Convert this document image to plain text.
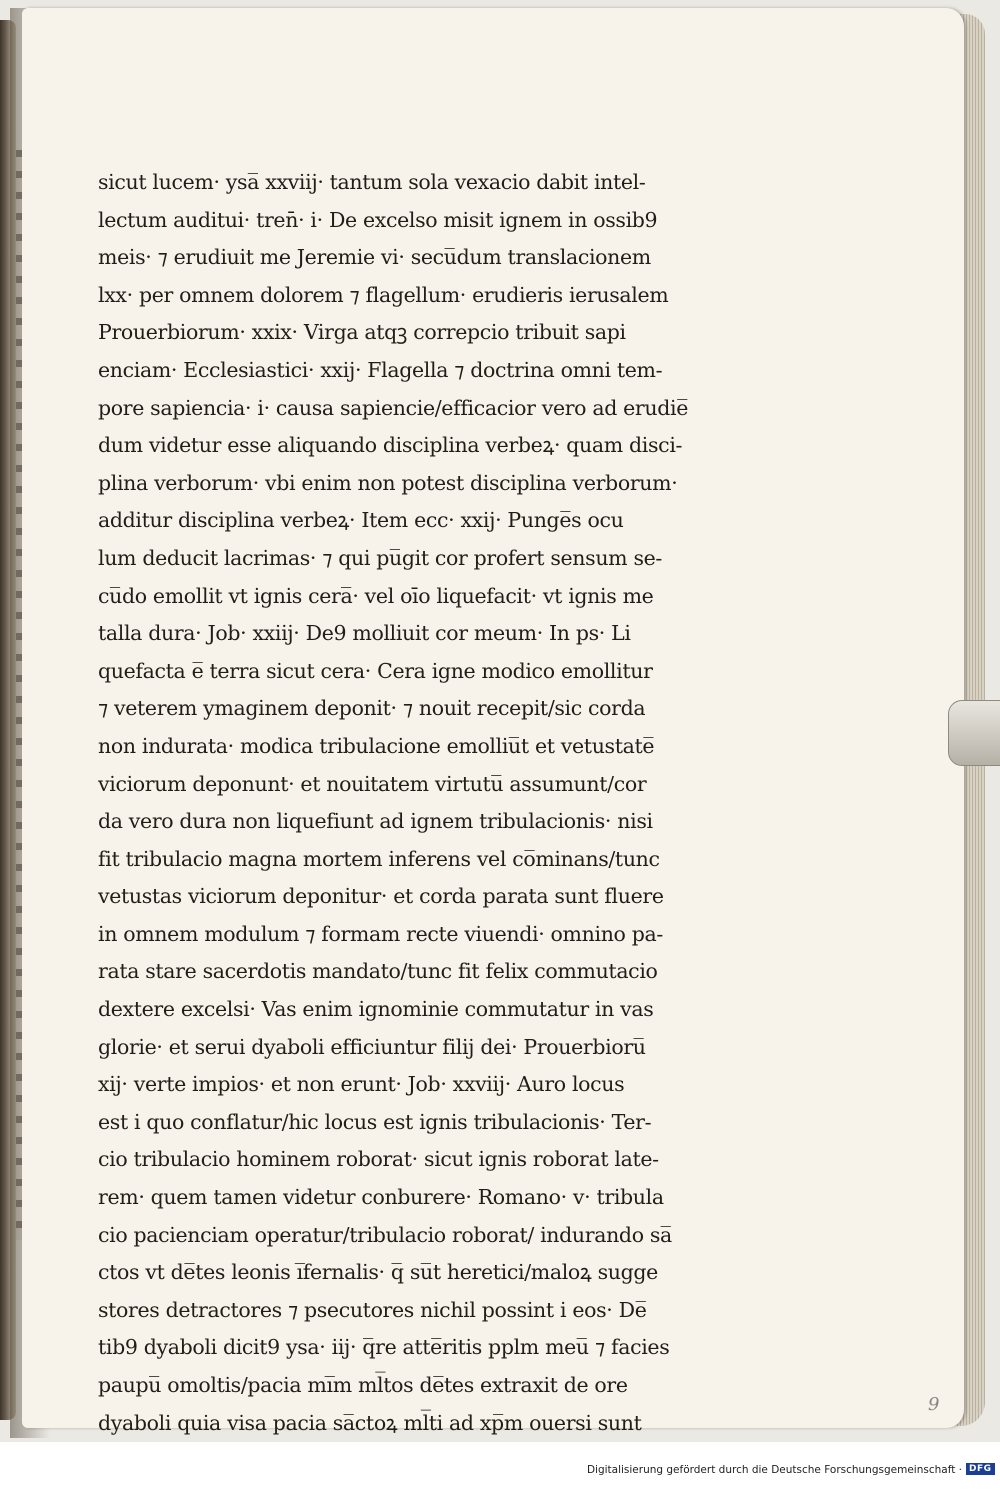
sicut lucem· ysa̅ xxviij· tantum sola vexacio dabit intel-
lectum auditui· tren̄· i· De excelso misit ignem in ossib9
meis· ⁊ erudiuit me Jeremie vi· secu̅dum translacionem
lxx· per omnem dolorem ⁊ flagellum· erudieris ierusalem
Prouerbiorum· xxix· Virga atqꝫ correpcio tribuit sapi
enciam· Ecclesiastici· xxij· Flagella ⁊ doctrina omni tem-
pore sapiencia· i· causa sapiencie/efficacior vero ad erudie̅
dum videtur esse aliquando disciplina verbeꝝ· quam disci-
plina verborum· vbi enim non potest disciplina verborum·
additur disciplina verbeꝝ· Item ecc· xxij· Punge̅s ocu
lum deducit lacrimas· ⁊ qui pu̅git cor profert sensum se-
cu̅do emollit vt ignis cera̅· vel oīo liquefacit· vt ignis me
talla dura· Job· xxiij· De9 molliuit cor meum· In ps· Li
quefacta e̅ terra sicut cera· Cera igne modico emollitur
⁊ veterem ymaginem deponit· ⁊ nouit recepit/sic corda
non indurata· modica tribulacione emolliu̅t et vetustate̅
viciorum deponunt· et nouitatem virtutu̅ assumunt/cor
da vero dura non liquefiunt ad ignem tribulacionis· nisi
fit tribulacio magna mortem inferens vel co̅minans/tunc
vetustas viciorum deponitur· et corda parata sunt fluere
in omnem modulum ⁊ formam recte viuendi· omnino pa-
rata stare sacerdotis mandato/tunc fit felix commutacio
dextere excelsi· Vas enim ignominie commutatur in vas
glorie· et serui dyaboli efficiuntur filij dei· Prouerbioru̅
xij· verte impios· et non erunt· Job· xxviij· Auro locus
est i quo conflatur/hic locus est ignis tribulacionis· Ter-
cio tribulacio hominem roborat· sicut ignis roborat late-
rem· quem tamen videtur conburere· Romano· v· tribula
cio pacienciam operatur/tribulacio roborat/ indurando sa̅
ctos vt de̅tes leonis i̅fernalis· q̅ su̅t heretici/maloꝝ sugge
stores detractores ⁊ psecutores nichil possint i eos· De̅
tib9 dyaboli dicit9 ysa· iij· q̅re atte̅ritis pplm meu̅ ⁊ facies
paupu̅ omoltis/pacia mi̅m ml̅tos de̅tes extraxit de ore
dyaboli quia visa pacia sa̅ctoꝝ ml̅ti ad xp̅m ouersi sunt
9
Digitalisierung gefördert durch die Deutsche Forschungsgemeinschaft · DFG
